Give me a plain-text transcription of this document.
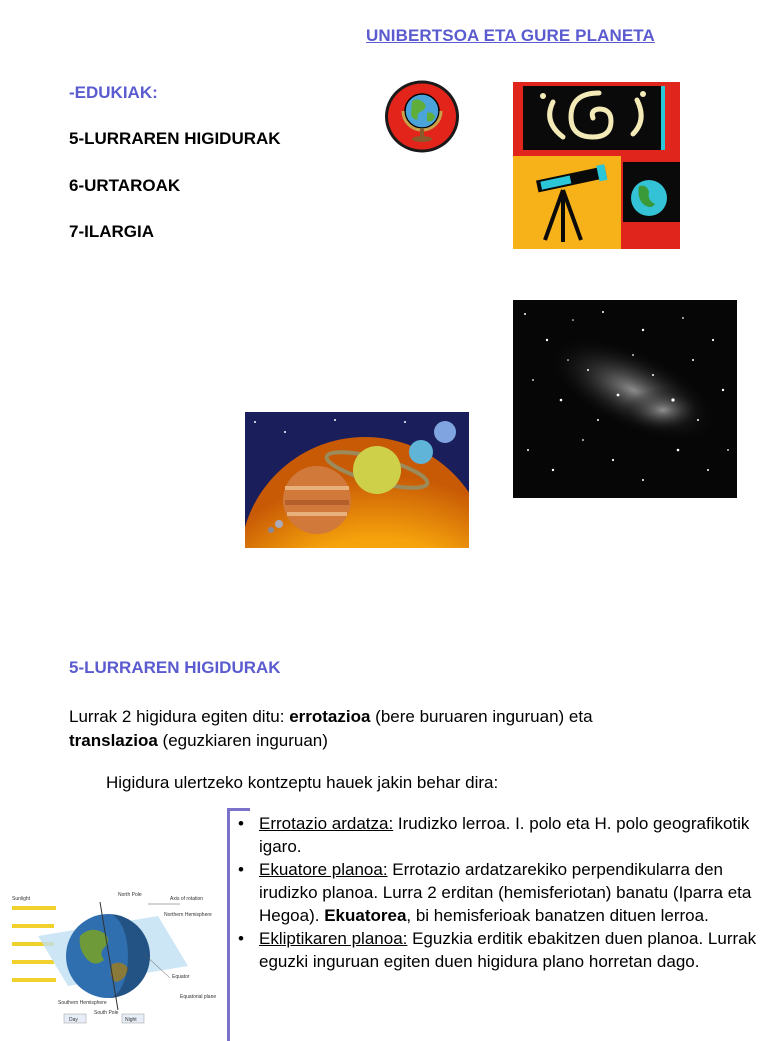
UNIBERTSOA ETA GURE PLANETA
-EDUKIAK:
5-LURRAREN HIGIDURAK
6-URTAROAK
7-ILARGIA
5-LURRAREN HIGIDURAK
Lurrak 2 higidura egiten ditu: errotazioa (bere buruaren inguruan) eta
translazioa (eguzkiaren inguruan)
Higidura ulertzeko kontzeptu hauek jakin behar dira:
• Errotazio ardatza: Irudizko lerroa. I. polo eta H. polo geografikotik igaro.
• Ekuatore planoa: Errotazio ardatzarekiko perpendikularra den irudizko planoa. Lurra 2 erditan (hemisferiotan) banatu (Iparra eta Hegoa). Ekuatorea, bi hemisferioak banatzen dituen lerroa.
• Ekliptikaren planoa: Eguzkia erditik ebakitzen duen planoa. Lurrak eguzki inguruan egiten duen higidura plano horretan dago.
Sunlight
North Pole
Axis of rotation
Northern Hemisphere
Equator
Equatorial plane
Southern Hemisphere
South Pole
Day	Night
